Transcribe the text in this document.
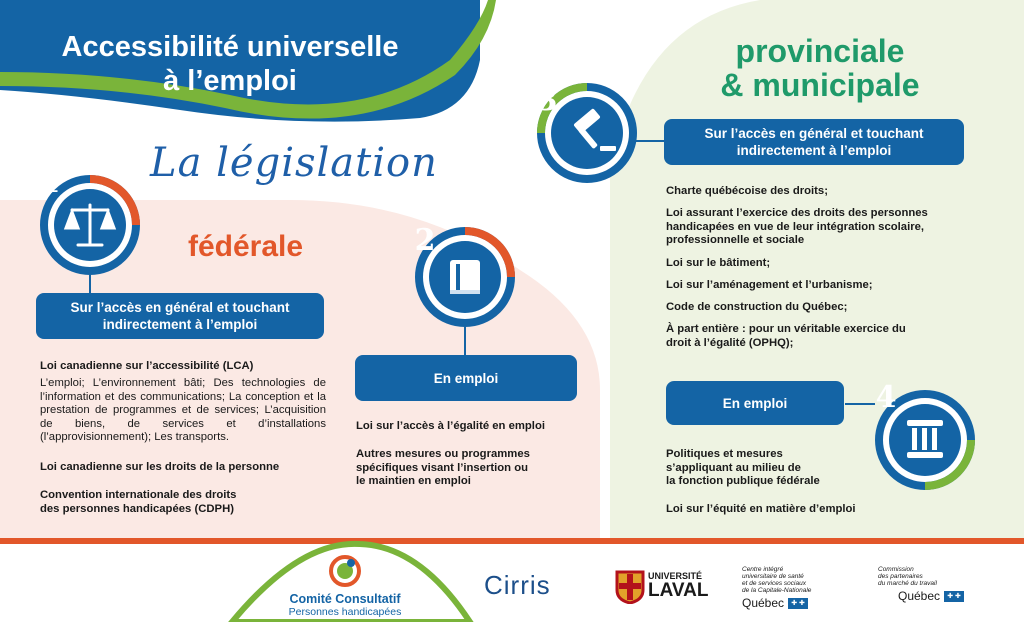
Accessibilité universelle
à l’emploi
La législation
fédérale
provinciale
& municipale
1
2
3
4
Sur l’accès en général et touchant
indirectement à l’emploi
Loi canadienne sur l’accessibilité (LCA)
L’emploi; L’environnement bâti; Des technologies de l’information et des communications; La conception et la prestation de programmes et de services; L’acquisition de biens, de services et d’installations (l’approvisionnement); Les transports.
Loi canadienne sur les droits de la personne
Convention internationale des droits
des personnes handicapées (CDPH)
En emploi
Loi sur l’accès à l’égalité en emploi
Autres mesures ou programmes
spécifiques visant l’insertion ou
le maintien en emploi
Sur l’accès en général et touchant
indirectement à l’emploi
Charte québécoise des droits;
Loi assurant l’exercice des droits des personnes
handicapées en vue de leur intégration scolaire,
professionnelle et sociale
Loi sur le bâtiment;
Loi sur l’aménagement et l’urbanisme;
Code de construction du Québec;
À part entière : pour un véritable exercice du
droit à l’égalité (OPHQ);
En emploi
Politiques et mesures
s’appliquant au milieu de
la fonction publique fédérale
Loi sur l’équité en matière d’emploi
Comité Consultatif
Personnes handicapées
Cirris	UNIVERSITÉ
LAVAL
Centre intégré
universitaire de santé
et de services sociaux
de la Capitale-Nationale
Québec	✚ ✚
Commission
des partenaires
du marché du travail
Québec	✚ ✚
